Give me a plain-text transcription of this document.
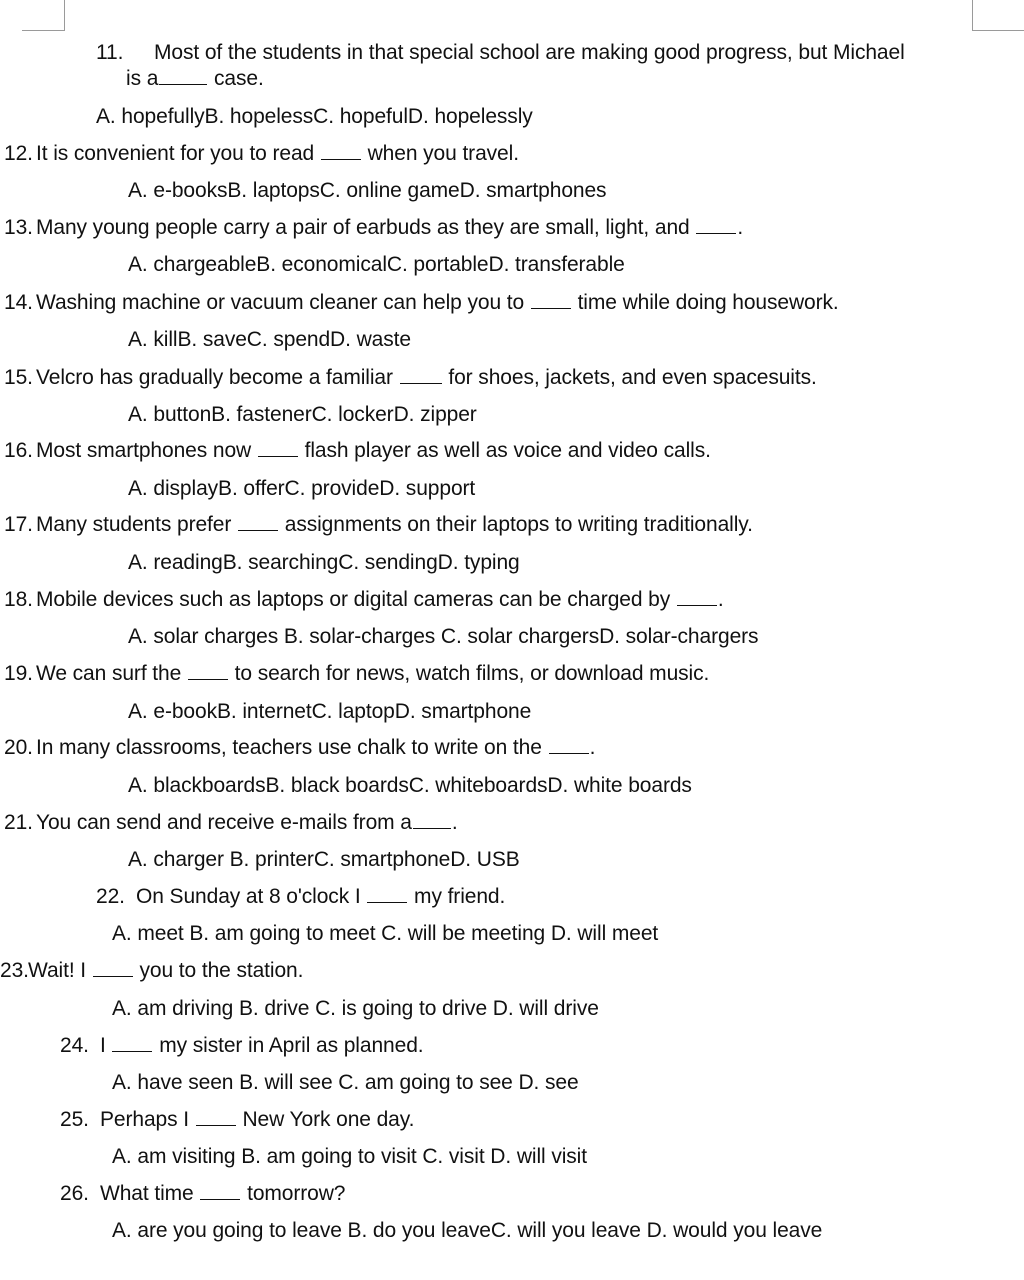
11. Most of the students in that special school are making good progress, but Michael
is a case.
A. hopefullyB. hopelessC. hopefulD. hopelessly
12. It is convenient for you to read  when you travel.
A. e-booksB. laptopsC. online gameD. smartphones
13. Many young people carry a pair of earbuds as they are small, light, and .
A. chargeableB. economicalC. portableD. transferable
14. Washing machine or vacuum cleaner can help you to  time while doing housework.
A. killB. saveC. spendD. waste
15. Velcro has gradually become a familiar  for shoes, jackets, and even spacesuits.
A. buttonB. fastenerC. lockerD. zipper
16. Most smartphones now  flash player as well as voice and video calls.
A. displayB. offerC. provideD. support
17. Many students prefer  assignments on their laptops to writing traditionally.
A. readingB. searchingC. sendingD. typing
18. Mobile devices such as laptops or digital cameras can be charged by .
A. solar charges B. solar-charges C. solar chargersD. solar-chargers
19. We can surf the  to search for news, watch films, or download music.
A. e-bookB. internetC. laptopD. smartphone
20. In many classrooms, teachers use chalk to write on the .
A. blackboardsB. black boardsC. whiteboardsD. white boards
21. You can send and receive e-mails from a .
A. charger B. printerC. smartphoneD. USB
22. On Sunday at 8 o'clock I  my friend.
A. meet B. am going to meet C. will be meeting D. will meet
23.Wait! I  you to the station.
A. am driving B. drive C. is going to drive D. will drive
24. I  my sister in April as planned.
A. have seen B. will see C. am going to see D. see
25. Perhaps I  New York one day.
A. am visiting B. am going to visit C. visit D. will visit
26. What time  tomorrow?
A. are you going to leave B. do you leaveC. will you leave D. would you leave
